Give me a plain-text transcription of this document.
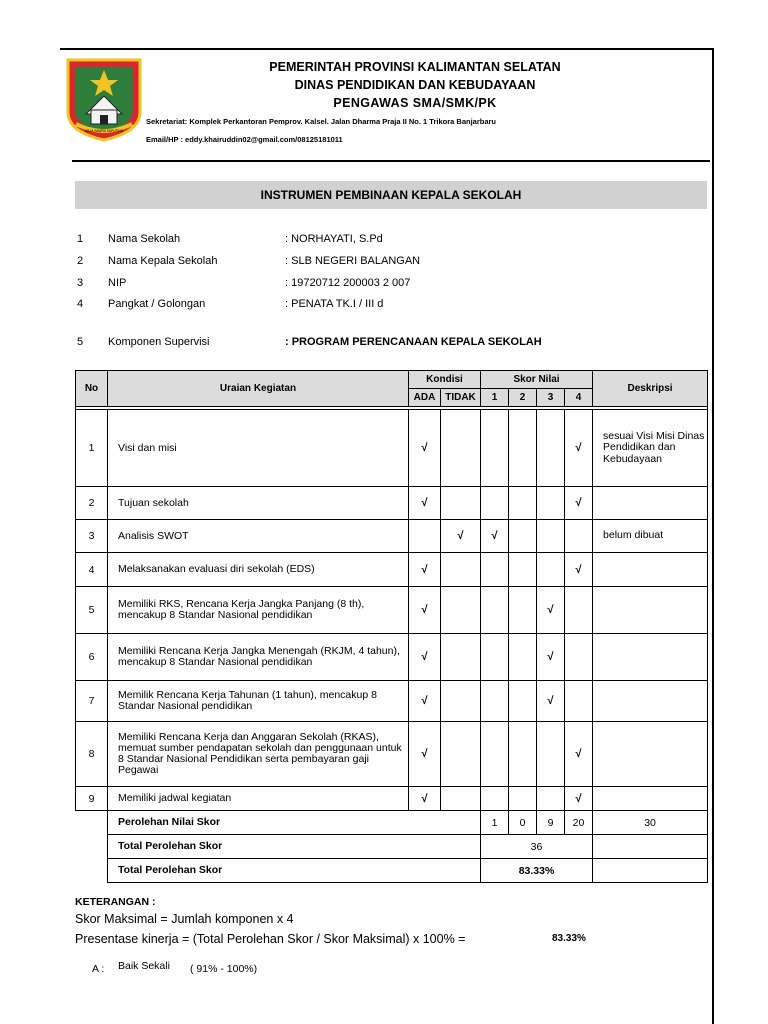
WAJA SAMPAI KAPUTING
PEMERINTAH PROVINSI KALIMANTAN SELATAN
DINAS PENDIDIKAN DAN KEBUDAYAAN
PENGAWAS SMA/SMK/PK
Sekretariat: Komplek Perkantoran Pemprov. Kalsel. Jalan Dharma Praja II No. 1 Trikora Banjarbaru
Email/HP : eddy.khairuddin02@gmail.com/08125181011
INSTRUMEN PEMBINAAN KEPALA SEKOLAH
1 Nama Sekolah	: NORHAYATI, S.Pd
2 Nama Kepala Sekolah	: SLB NEGERI BALANGAN
3 NIP	: 19720712 200003 2 007
4 Pangkat / Golongan	: PENATA TK.I / III d
5 Komponen Supervisi	: PROGRAM PERENCANAAN KEPALA SEKOLAH
No	Uraian Kegiatan	Kondisi		Skor Nilai				Deskripsi
		ADA	TIDAK	1	2	3	4	

1	Visi dan misi	√					√	sesuai Visi Misi Dinas Pendidikan dan Kebudayaan
2	Tujuan sekolah	√					√	
3	Analisis SWOT		√	√				belum dibuat
4	Melaksanakan evaluasi diri sekolah (EDS)	√					√	
5	Memiliki RKS, Rencana Kerja Jangka Panjang (8 th), mencakup 8 Standar Nasional pendidikan	√				√		
6	Memiliki Rencana Kerja Jangka Menengah (RKJM, 4 tahun), mencakup 8 Standar Nasional pendidikan	√				√		
7	Memilik Rencana Kerja Tahunan (1 tahun), mencakup 8 Standar Nasional pendidikan	√				√		
8	Memiliki Rencana Kerja dan Anggaran Sekolah (RKAS), memuat sumber pendapatan sekolah dan penggunaan untuk 8 Standar Nasional Pendidikan serta pembayaran gaji Pegawai	√					√	
9	Memiliki jadwal kegiatan	√					√	
	Perolehan Nilai Skor			1	0	9	20	30
	Total Perolehan Skor			36				
	Total Perolehan Skor			83.33%				
KETERANGAN :
Skor Maksimal = Jumlah komponen x 4
Presentase kinerja = (Total Perolehan Skor / Skor Maksimal) x 100% =	83.33%
A : Baik Sekali ( 91% - 100%)
